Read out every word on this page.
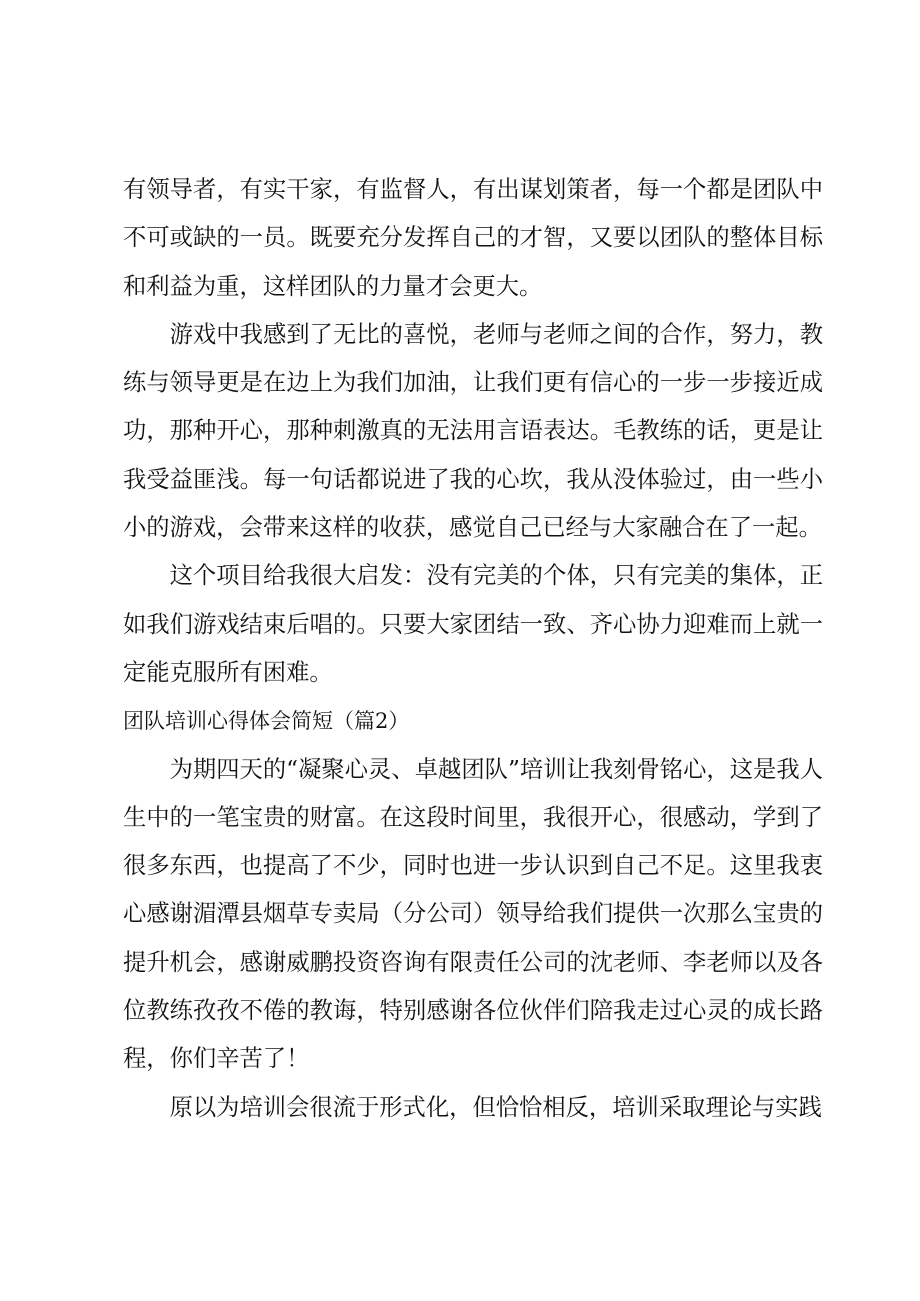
有领导者，有实干家，有监督人，有出谋划策者，每一个都是团队中不可或缺的一员。既要充分发挥自己的才智，又要以团队的整体目标和利益为重，这样团队的力量才会更大。

游戏中我感到了无比的喜悦，老师与老师之间的合作，努力，教练与领导更是在边上为我们加油，让我们更有信心的一步一步接近成功，那种开心，那种刺激真的无法用言语表达。毛教练的话，更是让我受益匪浅。每一句话都说进了我的心坎，我从没体验过，由一些小小的游戏，会带来这样的收获，感觉自己已经与大家融合在了一起。

这个项目给我很大启发：没有完美的个体，只有完美的集体，正如我们游戏结束后唱的。只要大家团结一致、齐心协力迎难而上就一定能克服所有困难。

团队培训心得体会简短（篇2）

为期四天的“凝聚心灵、卓越团队”培训让我刻骨铭心，这是我人生中的一笔宝贵的财富。在这段时间里，我很开心，很感动，学到了很多东西，也提高了不少，同时也进一步认识到自己不足。这里我衷心感谢湄潭县烟草专卖局（分公司）领导给我们提供一次那么宝贵的提升机会，感谢威鹏投资咨询有限责任公司的沈老师、李老师以及各位教练孜孜不倦的教诲，特别感谢各位伙伴们陪我走过心灵的成长路程，你们辛苦了！

原以为培训会很流于形式化，但恰恰相反，培训采取理论与实践
